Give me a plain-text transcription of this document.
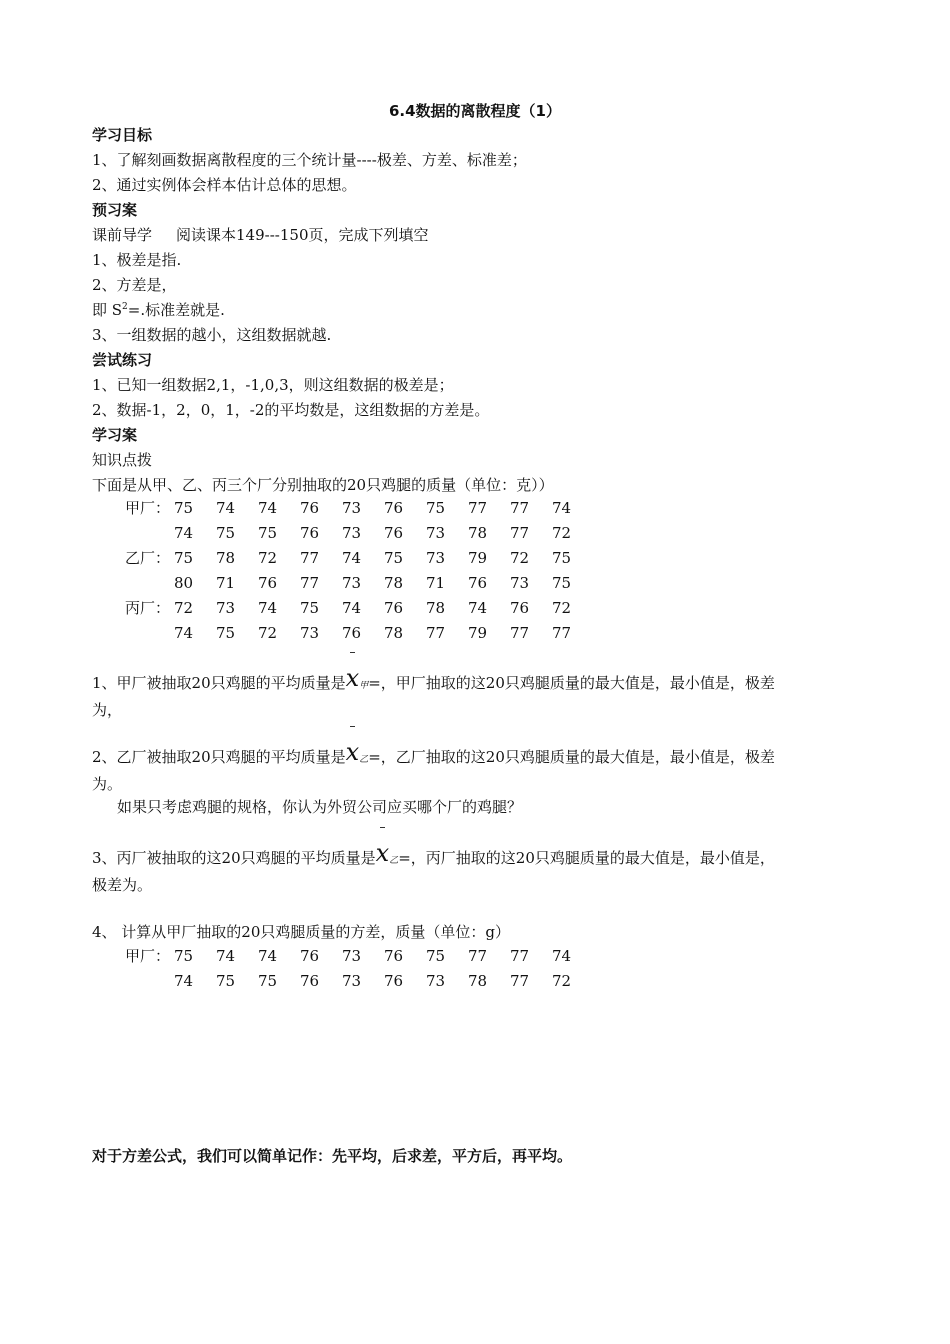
6.4数据的离散程度（1）
学习目标
1、了解刻画数据离散程度的三个统计量----极差、方差、标准差；
2、通过实例体会样本估计总体的思想。
预习案
课前导学 阅读课本149---150页，完成下列填空
1、极差是指.
2、方差是，
即 $S^2=$.标准差就是.
3、一组数据的越小，这组数据就越.
尝试练习
1、已知一组数据2,1，-1,0,3，则这组数据的极差是；
2、数据-1，2，0，1，-2的平均数是，这组数据的方差是。
学习案
知识点拨
下面是从甲、乙、丙三个厂分别抽取的20只鸡腿的质量（单位：克））
甲厂： 75	74	74	76	73	76	75	77	77	74
74	75	75	76	73	76	73	78	77	72
乙厂： 75	78	72	77	74	75	73	79	72	75
80	71	76	77	73	78	71	76	73	75
丙厂： 72	73	74	75	74	76	78	74	76	72
74	75	72	73	76	78	77	79	77	77
1、甲厂被抽取20只鸡腿的平均质量是x甲=，甲厂抽取的这20只鸡腿质量的最大值是，最小值是，极差
为，
2、乙厂被抽取20只鸡腿的平均质量是x乙=，乙厂抽取的这20只鸡腿质量的最大值是，最小值是，极差
为。
如果只考虑鸡腿的规格，你认为外贸公司应买哪个厂的鸡腿？
3、丙厂被抽取的这20只鸡腿的平均质量是x乙=，丙厂抽取的这20只鸡腿质量的最大值是，最小值是，
极差为。
4、 计算从甲厂抽取的20只鸡腿质量的方差，质量（单位：g）
甲厂： 75	74	74	76	73	76	75	77	77	74
74	75	75	76	73	76	73	78	77	72
对于方差公式，我们可以简单记作：先平均，后求差，平方后，再平均。
